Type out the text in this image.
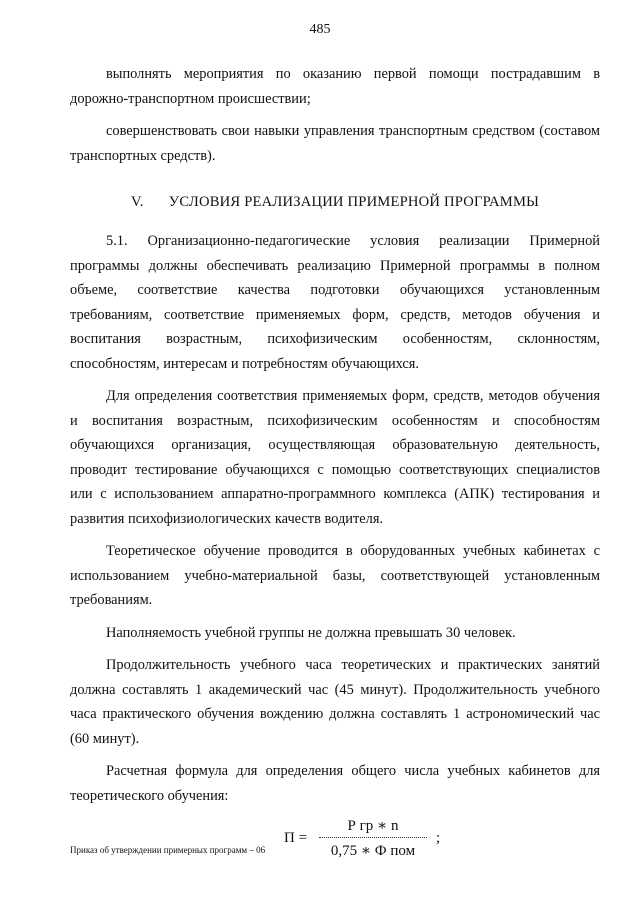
485

выполнять мероприятия по оказанию первой помощи пострадавшим в дорожно-транспортном происшествии;

совершенствовать свои навыки управления транспортным средством (составом транспортных средств).

V. УСЛОВИЯ РЕАЛИЗАЦИИ ПРИМЕРНОЙ ПРОГРАММЫ

5.1. Организационно-педагогические условия реализации Примерной программы должны обеспечивать реализацию Примерной программы в полном объеме, соответствие качества подготовки обучающихся установленным требованиям, соответствие применяемых форм, средств, методов обучения и воспитания возрастным, психофизическим особенностям, склонностям, способностям, интересам и потребностям обучающихся.

Для определения соответствия применяемых форм, средств, методов обучения и воспитания возрастным, психофизическим особенностям и способностям обучающихся организация, осуществляющая образовательную деятельность, проводит тестирование обучающихся с помощью соответствующих специалистов или с использованием аппаратно-программного комплекса (АПК) тестирования и развития психофизиологических качеств водителя.

Теоретическое обучение проводится в оборудованных учебных кабинетах с использованием учебно-материальной базы, соответствующей установленным требованиям.

Наполняемость учебной группы не должна превышать 30 человек.

Продолжительность учебного часа теоретических и практических занятий должна составлять 1 академический час (45 минут). Продолжительность учебного часа практического обучения вождению должна составлять 1 астрономический час (60 минут).

Расчетная формула для определения общего числа учебных кабинетов для теоретического обучения:

П =
Р гр ∗ n
0,75 ∗ Ф пом
;
Приказ об утверждении примерных программ – 06
